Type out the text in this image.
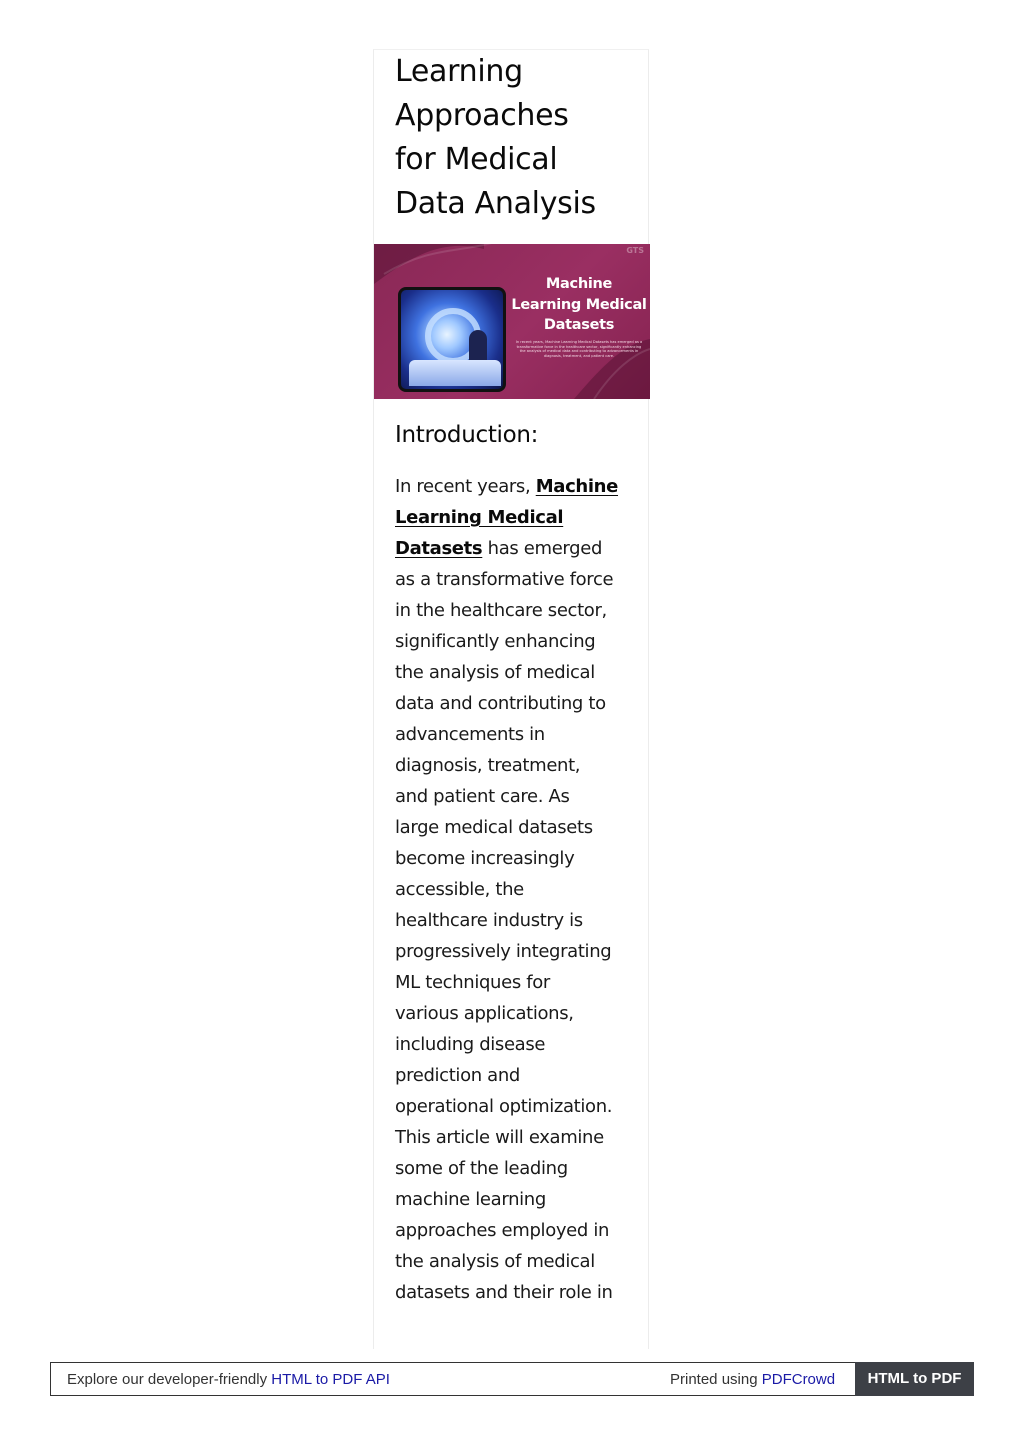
Learning
Approaches
for Medical
Data Analysis
GTS

Machine
Learning Medical
Datasets

In recent years, Machine Learning Medical Datasets has emerged as a transformative force in the healthcare sector, significantly enhancing the analysis of medical data and contributing to advancements in diagnosis, treatment, and patient care.

Introduction:

In recent years, Machine
Learning Medical
Datasets has emerged
as a transformative force
in the healthcare sector,
significantly enhancing
the analysis of medical
data and contributing to
advancements in
diagnosis, treatment,
and patient care. As
large medical datasets
become increasingly
accessible, the
healthcare industry is
progressively integrating
ML techniques for
various applications,
including disease
prediction and
operational optimization.
This article will examine
some of the leading
machine learning
approaches employed in
the analysis of medical
datasets and their role in

Explore our developer-friendly HTML to PDF API	Printed using PDFCrowd	HTML to PDF
